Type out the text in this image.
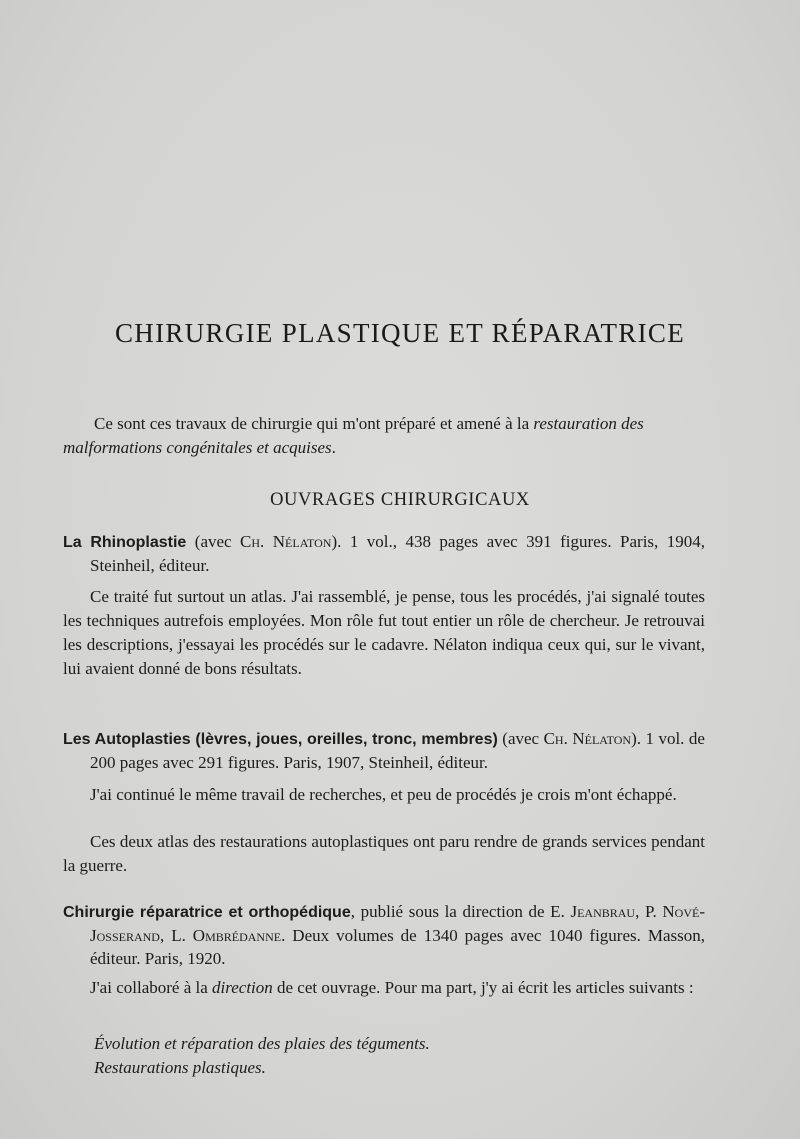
CHIRURGIE PLASTIQUE ET RÉPARATRICE

Ce sont ces travaux de chirurgie qui m'ont préparé et amené à la restauration des malformations congénitales et acquises.

OUVRAGES CHIRURGICAUX

La Rhinoplastie (avec Ch. Nélaton). 1 vol., 438 pages avec 391 figures. Paris, 1904, Steinheil, éditeur.

Ce traité fut surtout un atlas. J'ai rassemblé, je pense, tous les procédés, j'ai signalé toutes les techniques autrefois employées. Mon rôle fut tout entier un rôle de chercheur. Je retrouvai les descriptions, j'essayai les procédés sur le cadavre. Nélaton indiqua ceux qui, sur le vivant, lui avaient donné de bons résultats.

Les Autoplasties (lèvres, joues, oreilles, tronc, membres) (avec Ch. Nélaton). 1 vol. de 200 pages avec 291 figures. Paris, 1907, Steinheil, éditeur.

J'ai continué le même travail de recherches, et peu de procédés je crois m'ont échappé.

Ces deux atlas des restaurations autoplastiques ont paru rendre de grands services pendant la guerre.

Chirurgie réparatrice et orthopédique, publié sous la direction de E. Jeanbrau, P. Nové-Josserand, L. Ombrédanne. Deux volumes de 1340 pages avec 1040 figures. Masson, éditeur. Paris, 1920.

J'ai collaboré à la direction de cet ouvrage. Pour ma part, j'y ai écrit les articles suivants :

Évolution et réparation des plaies des téguments.
Restaurations plastiques.
